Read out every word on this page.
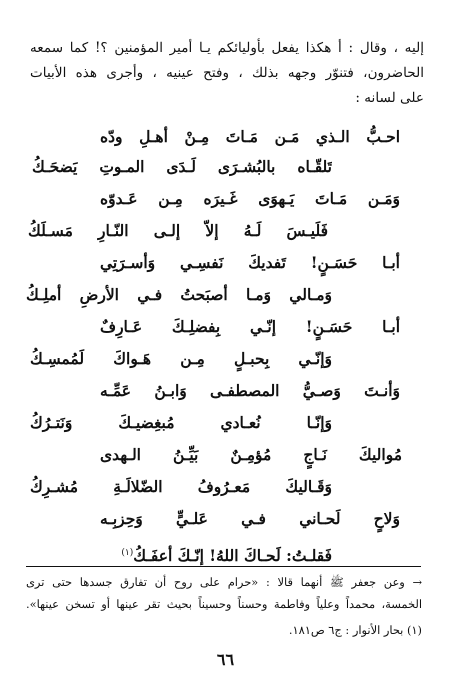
إليه ، وقال : أ هكذا يفعل بأوليائكم يـا أمير المؤمنين ؟! كما سمعه
الحاضرون، فتنوّر وجهه بذلك ، وفتح عينيه ، وأجرى هذه الأبيات
على لسانه :
احـبُّ الـذي مَـن مَـاتَ مِـنْ أهـلِ ودّه
تَلقّـاه بالبُشـرَى لَـدَى المـوتِ يَضحَـكُ
وَمَـن مَـاتَ يَـهوَى غَـيرَه مِـن عَـدوّه
فَلَيـسَ لَـهُ إلاّ إلـى النّـارِ مَسـلَكُ
أبـا حَسَـنٍ! تَفديكَ نَفسِـي وَأسـرَتِي
وَمـالي وَمـا أصبَحتُ فـي الأرضِ أملِـكُ
أبـا حَسَـنٍ! إنّـي بِفضلِـكَ عَـارِفٌ
وَإنّـي بِحبـلٍ مِـن هَـواكَ لَمُمسِـكُ
وَأنـتَ وَصـيُّ المصطفـى وَابـنُ عَمِّـه
وَإنّـا نُعـادي مُبغِضيـكَ وَنَتـرُكُ
مُواليكَ نَـاجٍ مُؤمِـنٌ بَيِّـنُ الـهدى
وَقَـاليكَ مَعـرُوفُ الضّلالَـةِ مُشـرِكُ
وَلاحٍ لَحـاني فـي عَلـيٍّ وَحِزبِـه
فَقلـتُ: لَحـاكَ اللهُ! إنّـكَ أعفَـكُ$^{(١)}$
→ وعن جعفر ﷺ أنهما قالا : «حرام على روح أن تفارق جسدها حتى ترى
الخمسة، محمداً وعلياً وفاطمة وحسناً وحسيناً بحيث تقر عينها أو تسخن عينها».
(١) بحار الأنوار : ج٦ ص١٨١.
٦٦
